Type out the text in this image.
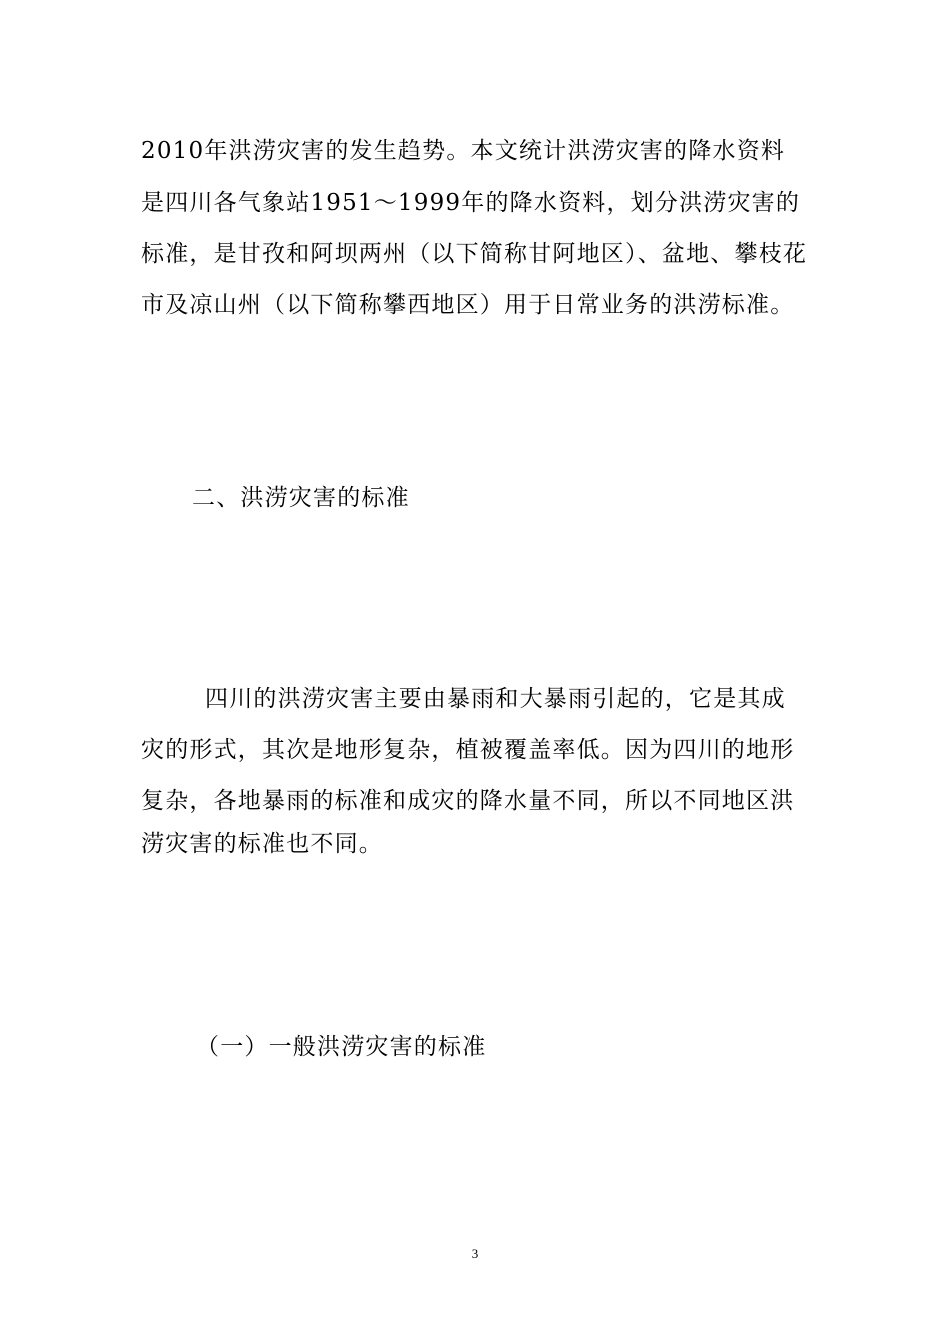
2010年洪涝灾害的发生趋势。本文统计洪涝灾害的降水资料
是四川各气象站1951～1999年的降水资料，划分洪涝灾害的
标准，是甘孜和阿坝两州（以下简称甘阿地区）、盆地、攀枝花
市及凉山州（以下简称攀西地区）用于日常业务的洪涝标准。
二、洪涝灾害的标准
四川的洪涝灾害主要由暴雨和大暴雨引起的，它是其成
灾的形式，其次是地形复杂，植被覆盖率低。因为四川的地形
复杂，各地暴雨的标准和成灾的降水量不同，所以不同地区洪
涝灾害的标准也不同。
（一）一般洪涝灾害的标准
3
